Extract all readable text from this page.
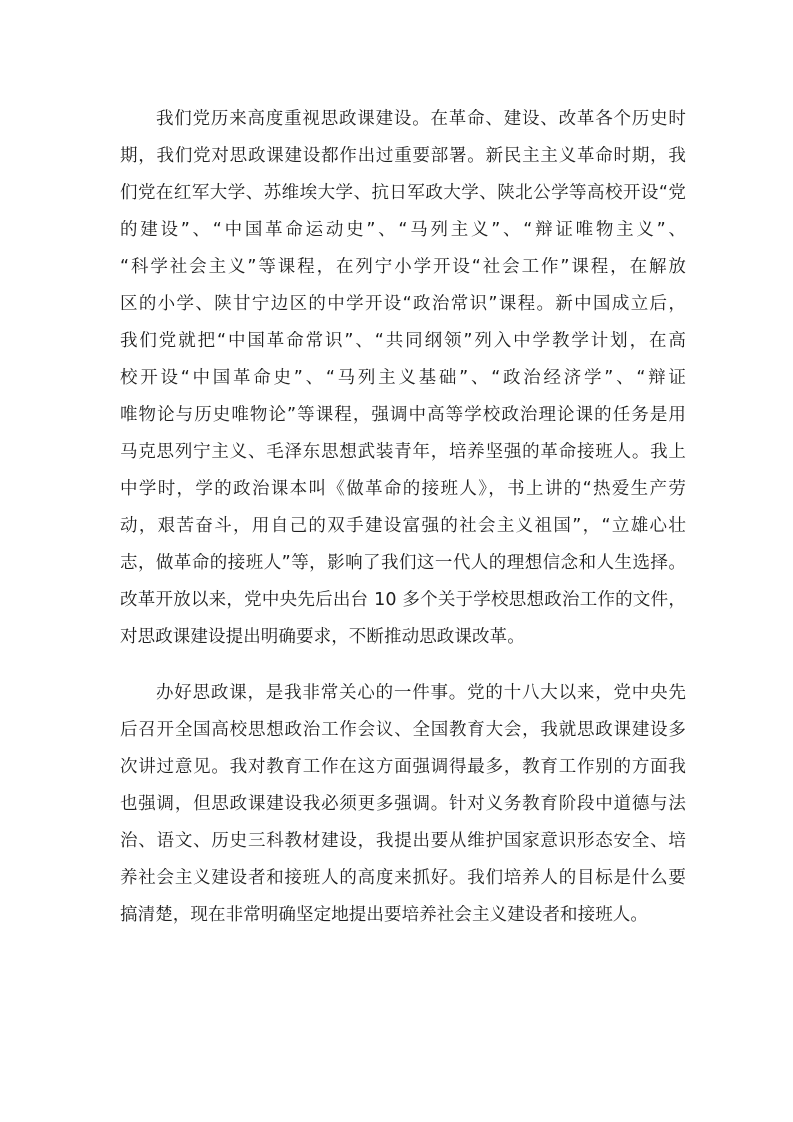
我们党历来高度重视思政课建设。在革命、建设、改革各个历史时
期，我们党对思政课建设都作出过重要部署。新民主主义革命时期，我
们党在红军大学、苏维埃大学、抗日军政大学、陕北公学等高校开设“党
的建设”、“中国革命运动史”、“马列主义”、“辩证唯物主义”、
“科学社会主义”等课程，在列宁小学开设“社会工作”课程，在解放
区的小学、陕甘宁边区的中学开设“政治常识”课程。新中国成立后，
我们党就把“中国革命常识”、“共同纲领”列入中学教学计划，在高
校开设“中国革命史”、“马列主义基础”、“政治经济学”、“辩证
唯物论与历史唯物论”等课程，强调中高等学校政治理论课的任务是用
马克思列宁主义、毛泽东思想武装青年，培养坚强的革命接班人。我上
中学时，学的政治课本叫《做革命的接班人》，书上讲的“热爱生产劳
动，艰苦奋斗，用自己的双手建设富强的社会主义祖国”，“立雄心壮
志，做革命的接班人”等，影响了我们这一代人的理想信念和人生选择。
改革开放以来，党中央先后出台 10 多个关于学校思想政治工作的文件，
对思政课建设提出明确要求，不断推动思政课改革。
办好思政课，是我非常关心的一件事。党的十八大以来，党中央先
后召开全国高校思想政治工作会议、全国教育大会，我就思政课建设多
次讲过意见。我对教育工作在这方面强调得最多，教育工作别的方面我
也强调，但思政课建设我必须更多强调。针对义务教育阶段中道德与法
治、语文、历史三科教材建设，我提出要从维护国家意识形态安全、培
养社会主义建设者和接班人的高度来抓好。我们培养人的目标是什么要
搞清楚，现在非常明确坚定地提出要培养社会主义建设者和接班人。
